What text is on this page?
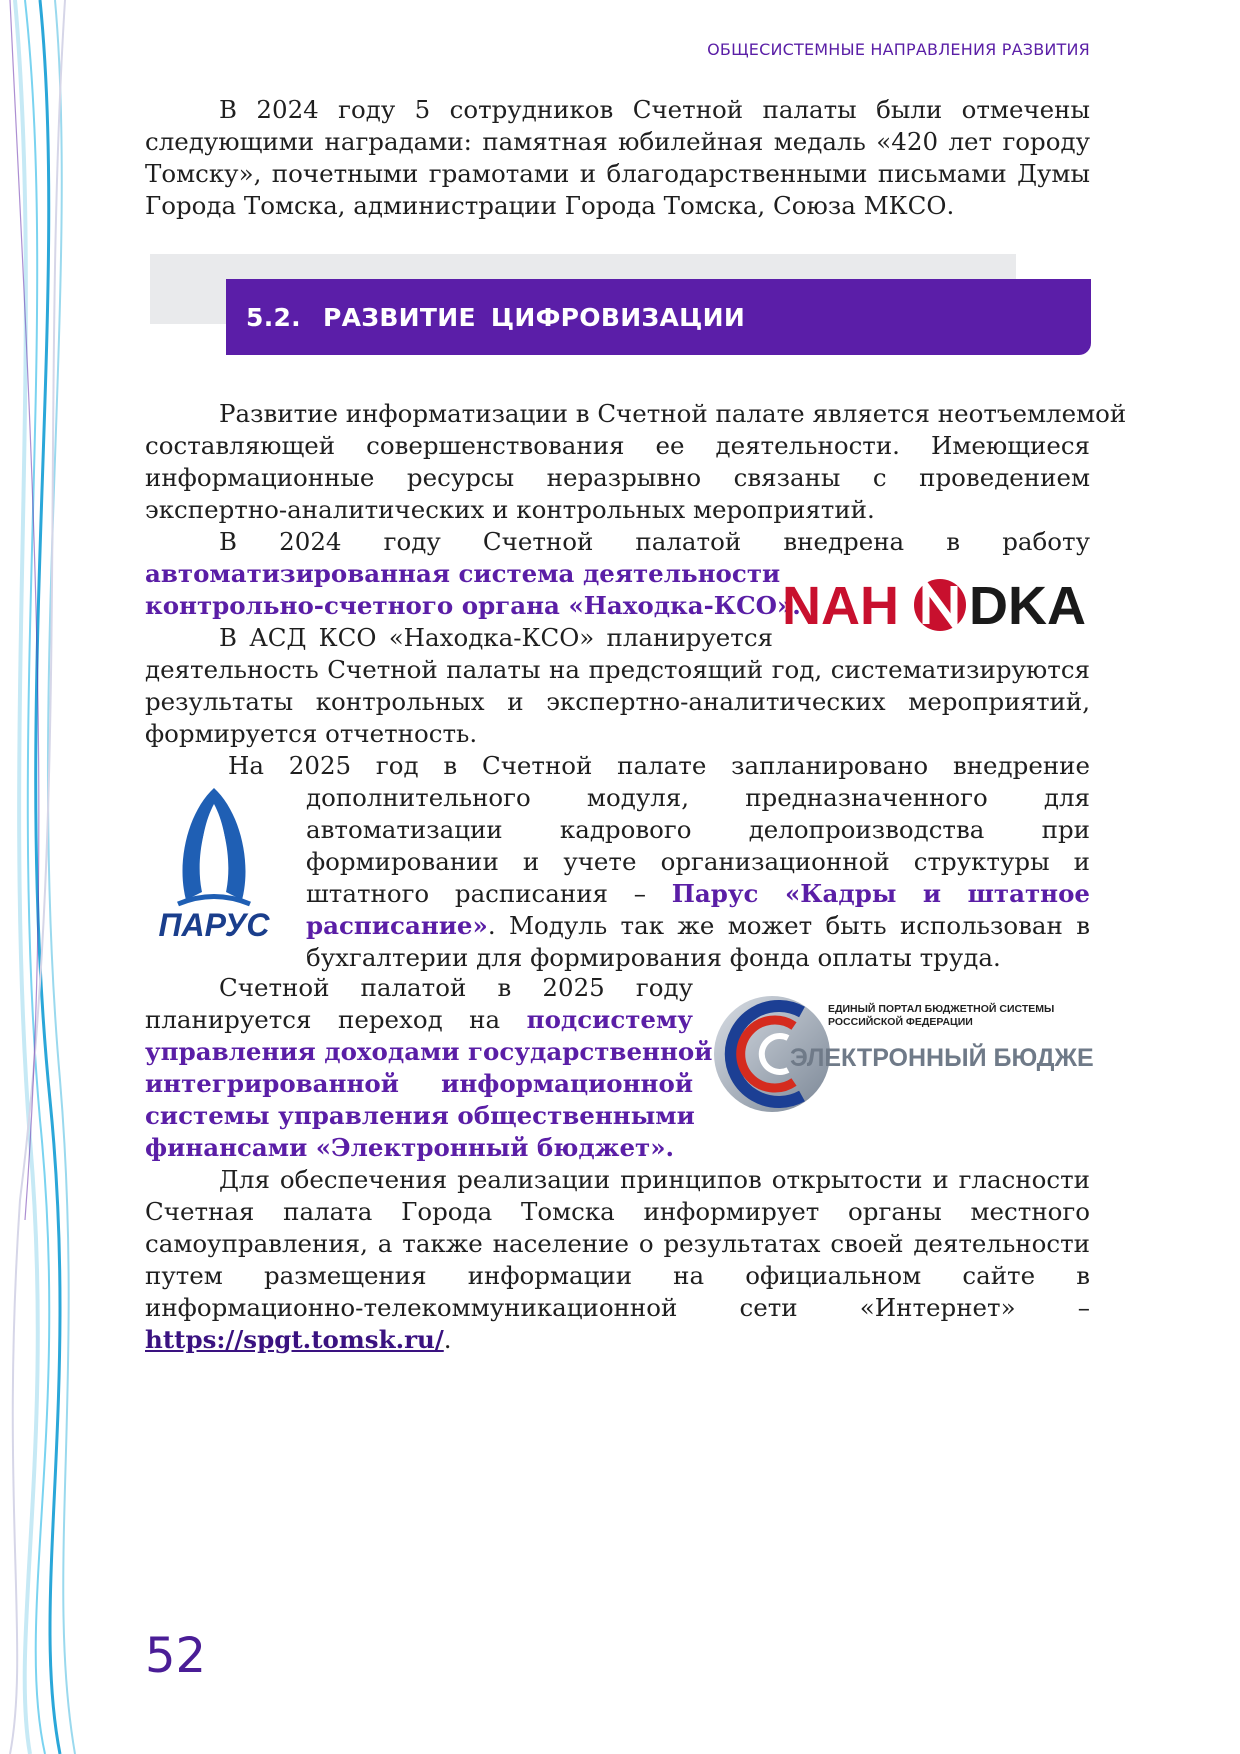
ОБЩЕСИСТЕМНЫЕ НАПРАВЛЕНИЯ РАЗВИТИЯ
В 2024 году 5 сотрудников Счетной палаты были отмечены
следующими наградами: памятная юбилейная медаль «420 лет городу
Томску», почетными грамотами и благодарственными письмами Думы
Города Томска, администрации Города Томска, Союза МКСО.
5.2. РАЗВИТИЕ ЦИФРОВИЗАЦИИ
Развитие информатизации в Счетной палате является неотъемлемой
составляющей совершенствования ее деятельности. Имеющиеся
информационные ресурсы неразрывно связаны с проведением
экспертно-аналитических и контрольных мероприятий.
В 2024 году Счетной палатой внедрена в работу
автоматизированная система деятельности
контрольно-счетного органа «Находка-КСО».
NAH DKA
В АСД КСО «Находка-КСО» планируется
деятельность Счетной палаты на предстоящий год, систематизируются
результаты контрольных и экспертно-аналитических мероприятий,
формируется отчетность.
На 2025 год в Счетной палате запланировано внедрение
дополнительного модуля, предназначенного для
автоматизации кадрового делопроизводства при
формировании и учете организационной структуры и
штатного расписания – Парус «Кадры и штатное
расписание». Модуль так же может быть использован в
бухгалтерии для формирования фонда оплаты труда.
ПАРУС
Счетной палатой в 2025 году
планируется переход на подсистему
управления доходами государственной
интегрированной информационной
системы управления общественными
финансами «Электронный бюджет».
ЕДИНЫЙ ПОРТАЛ БЮДЖЕТНОЙ СИСТЕМЫ
РОССИЙСКОЙ ФЕДЕРАЦИИ
ЭЛЕКТРОННЫЙ БЮДЖЕТ
Для обеспечения реализации принципов открытости и гласности
Счетная палата Города Томска информирует органы местного
самоуправления, а также население о результатах своей деятельности
путем размещения информации на официальном сайте в
информационно-телекоммуникационной сети «Интернет» –
https://spgt.tomsk.ru/.
52
